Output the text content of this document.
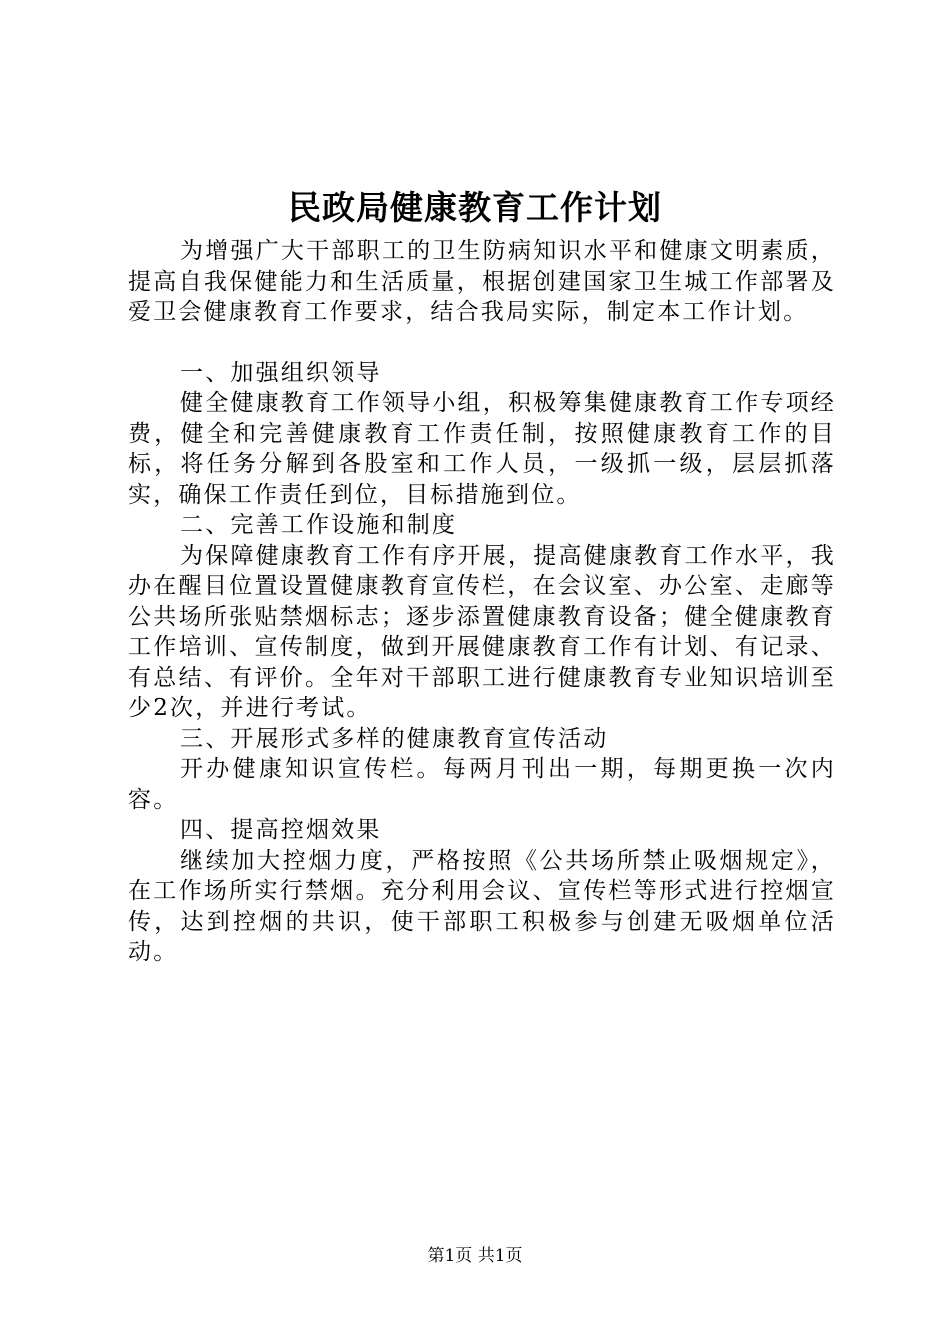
民政局健康教育工作计划

为增强广大干部职工的卫生防病知识水平和健康文明素质，提高自我保健能力和生活质量，根据创建国家卫生城工作部署及爱卫会健康教育工作要求，结合我局实际，制定本工作计划。

一、加强组织领导

健全健康教育工作领导小组，积极筹集健康教育工作专项经费，健全和完善健康教育工作责任制，按照健康教育工作的目标，将任务分解到各股室和工作人员，一级抓一级，层层抓落实，确保工作责任到位，目标措施到位。

二、完善工作设施和制度

为保障健康教育工作有序开展，提高健康教育工作水平，我办在醒目位置设置健康教育宣传栏，在会议室、办公室、走廊等公共场所张贴禁烟标志；逐步添置健康教育设备；健全健康教育工作培训、宣传制度，做到开展健康教育工作有计划、有记录、有总结、有评价。全年对干部职工进行健康教育专业知识培训至少2次，并进行考试。

三、开展形式多样的健康教育宣传活动

开办健康知识宣传栏。每两月刊出一期，每期更换一次内容。

四、提高控烟效果

继续加大控烟力度，严格按照《公共场所禁止吸烟规定》，在工作场所实行禁烟。充分利用会议、宣传栏等形式进行控烟宣传，达到控烟的共识，使干部职工积极参与创建无吸烟单位活动。

第1页 共1页
